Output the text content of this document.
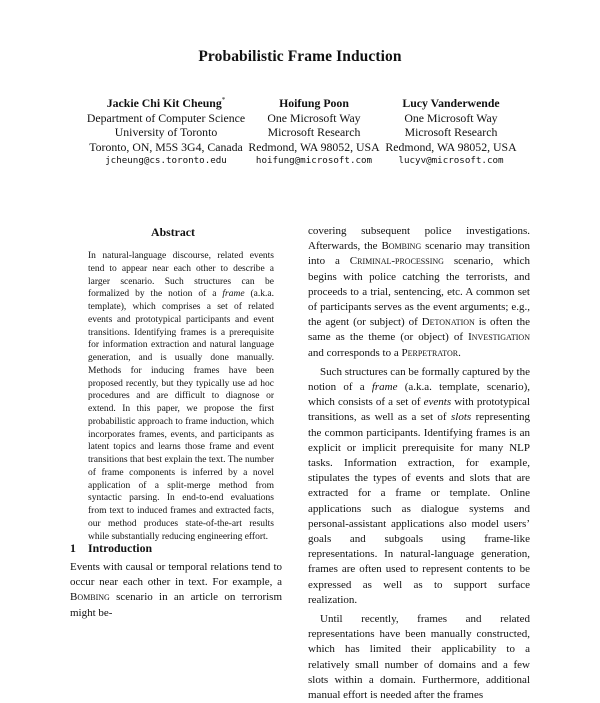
Probabilistic Frame Induction
Jackie Chi Kit Cheung*
Department of Computer Science
University of Toronto
Toronto, ON, M5S 3G4, Canada
jcheung@cs.toronto.edu
Hoifung Poon
One Microsoft Way
Microsoft Research
Redmond, WA 98052, USA
hoifung@microsoft.com
Lucy Vanderwende
One Microsoft Way
Microsoft Research
Redmond, WA 98052, USA
lucyv@microsoft.com
Abstract
In natural-language discourse, related events tend to appear near each other to describe a larger scenario. Such structures can be formalized by the notion of a frame (a.k.a. template), which comprises a set of related events and prototypical participants and event transitions. Identifying frames is a prerequisite for information extraction and natural language generation, and is usually done manually. Methods for inducing frames have been proposed recently, but they typically use ad hoc procedures and are difficult to diagnose or extend. In this paper, we propose the first probabilistic approach to frame induction, which incorporates frames, events, and participants as latent topics and learns those frame and event transitions that best explain the text. The number of frame components is inferred by a novel application of a split-merge method from syntactic parsing. In end-to-end evaluations from text to induced frames and extracted facts, our method produces state-of-the-art results while substantially reducing engineering effort.
1 Introduction
Events with causal or temporal relations tend to occur near each other in text. For example, a Bombing scenario in an article on terrorism might be-

covering subsequent police investigations. Afterwards, the Bombing scenario may transition into a Criminal-processing scenario, which begins with police catching the terrorists, and proceeds to a trial, sentencing, etc. A common set of participants serves as the event arguments; e.g., the agent (or subject) of Detonation is often the same as the theme (or object) of Investigation and corresponds to a Perpetrator.

Such structures can be formally captured by the notion of a frame (a.k.a. template, scenario), which consists of a set of events with prototypical transitions, as well as a set of slots representing the common participants. Identifying frames is an explicit or implicit prerequisite for many NLP tasks. Information extraction, for example, stipulates the types of events and slots that are extracted for a frame or template. Online applications such as dialogue systems and personal-assistant applications also model users’ goals and subgoals using frame-like representations. In natural-language generation, frames are often used to represent contents to be expressed as well as to support surface realization.

Until recently, frames and related representations have been manually constructed, which has limited their applicability to a relatively small number of domains and a few slots within a domain. Furthermore, additional manual effort is needed after the frames
